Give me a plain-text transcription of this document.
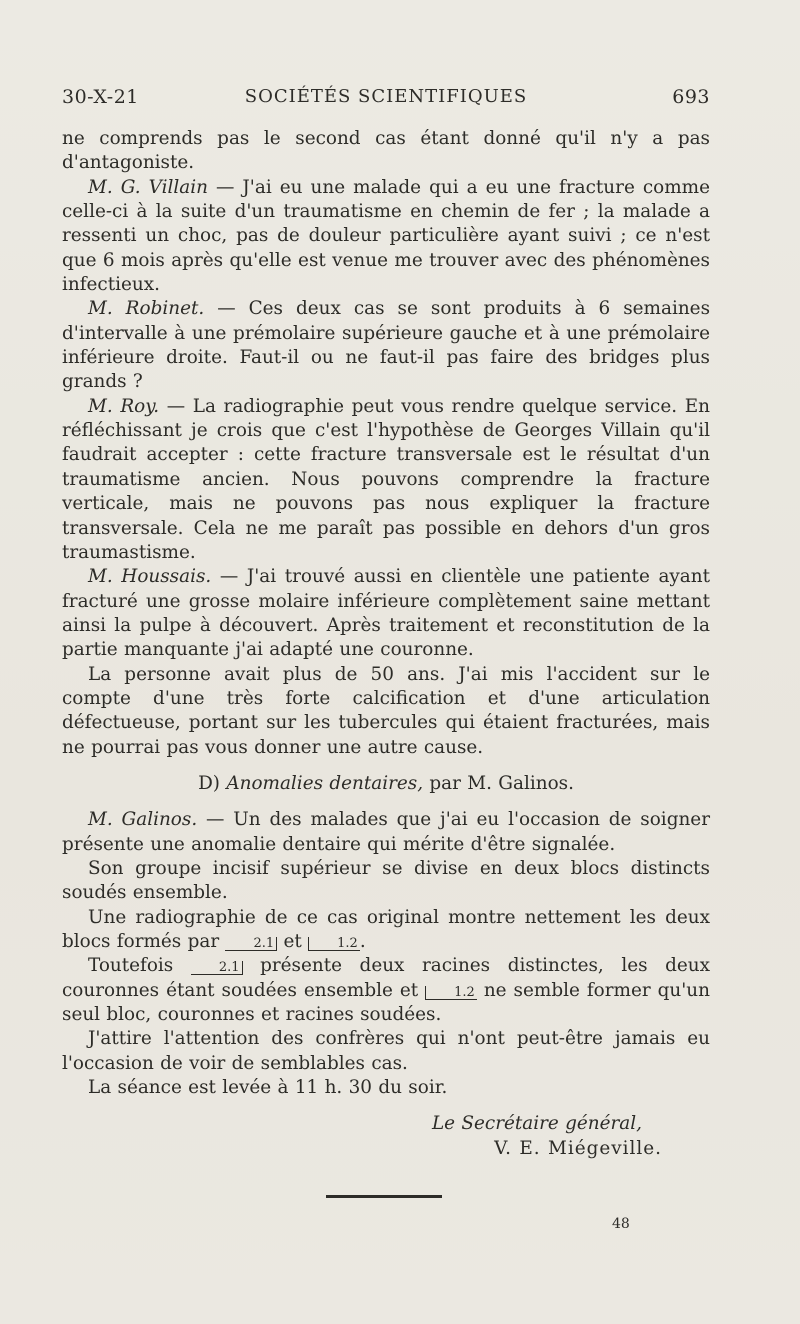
30-X-21	SOCIÉTÉS SCIENTIFIQUES	693

ne comprends pas le second cas étant donné qu'il n'y a pas d'antagoniste.

M. G. Villain — J'ai eu une malade qui a eu une fracture comme celle-ci à la suite d'un traumatisme en chemin de fer ; la malade a ressenti un choc, pas de douleur particulière ayant suivi ; ce n'est que 6 mois après qu'elle est venue me trouver avec des phénomènes infectieux.

M. Robinet. — Ces deux cas se sont produits à 6 semaines d'intervalle à une prémolaire supérieure gauche et à une prémolaire inférieure droite. Faut-il ou ne faut-il pas faire des bridges plus grands ?

M. Roy. — La radiographie peut vous rendre quelque service. En réfléchissant je crois que c'est l'hypothèse de Georges Villain qu'il faudrait accepter : cette fracture transversale est le résultat d'un traumatisme ancien. Nous pouvons comprendre la fracture verticale, mais ne pouvons pas nous expliquer la fracture transversale. Cela ne me paraît pas possible en dehors d'un gros traumastisme.

M. Houssais. — J'ai trouvé aussi en clientèle une patiente ayant fracturé une grosse molaire inférieure complètement saine mettant ainsi la pulpe à découvert. Après traitement et reconstitution de la partie manquante j'ai adapté une couronne.

La personne avait plus de 50 ans. J'ai mis l'accident sur le compte d'une très forte calcification et d'une articulation défectueuse, portant sur les tubercules qui étaient fracturées, mais ne pourrai pas vous donner une autre cause.

D) Anomalies dentaires, par M. Galinos.

M. Galinos. — Un des malades que j'ai eu l'occasion de soigner présente une anomalie dentaire qui mérite d'être signalée.

Son groupe incisif supérieur se divise en deux blocs distincts soudés ensemble.

Une radiographie de ce cas original montre nettement les deux blocs formés par 2.1 et 1.2 .

Toutefois 2.1 présente deux racines distinctes, les deux couronnes étant soudées ensemble et 1.2 ne semble former qu'un seul bloc, couronnes et racines soudées.

J'attire l'attention des confrères qui n'ont peut-être jamais eu l'occasion de voir de semblables cas.

La séance est levée à 11 h. 30 du soir.

Le Secrétaire général,

V. E. Miégeville.

48
